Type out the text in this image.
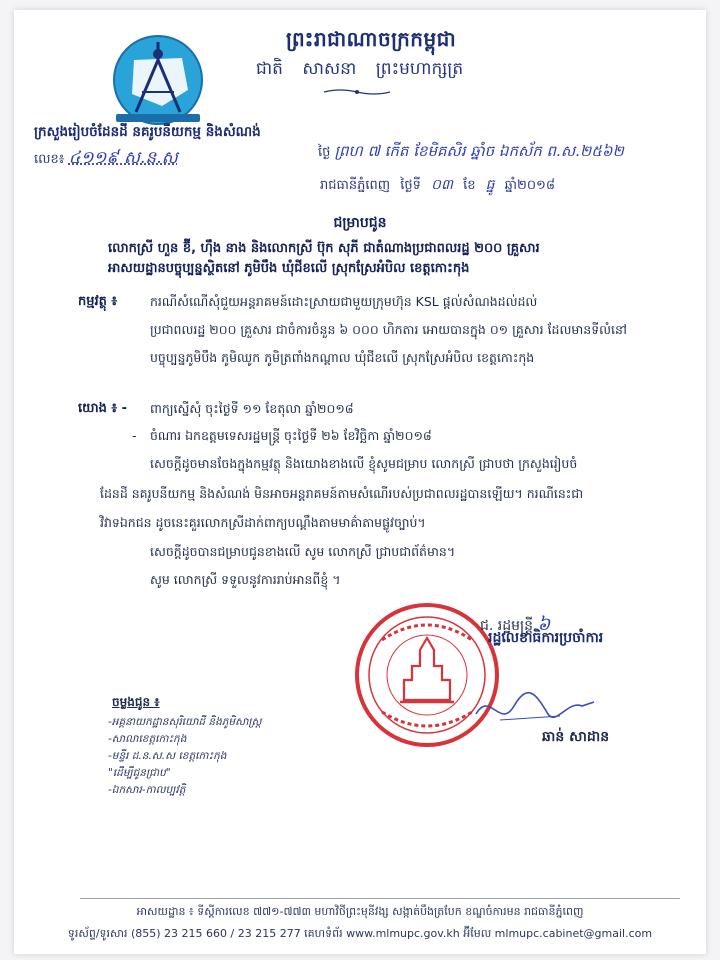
ព្រះរាជាណាចក្រកម្ពុជា
ជាតិ សាសនា ព្រះមហាក្សត្រ
ក្រសួងរៀបចំដែនដី នគរូបនីយកម្ម និងសំណង់
លេខ៖ ៤១១៩ ស.ន.ស	ថ្ងៃ ព្រហ ៧ កើត ខែមិគសិរ ឆ្នាំច ឯកស័ក ព.ស.២៥៦២
រាជធានីភ្នំពេញ ថ្ងៃទី ០៣ ខែ ធ្នូ ឆ្នាំ២០១៨
ជម្រាបជូន
លោកស្រី ហួន ខ៊ី, ហ៊ឹង នាង និងលោកស្រី ប៊ុក សុភី ជាតំណាងប្រជាពលរដ្ឋ ២០០ គ្រួសារ
អាសយដ្ឋានបច្ចុប្បន្នស្ថិតនៅ ភូមិបឹង ឃុំជីខលើ ស្រុកស្រែអំបិល ខេត្តកោះកុង
កម្មវត្ថុ ៖	ករណីសំណើសុំជួយអន្តរាគមន៍ដោះស្រាយជាមួយក្រុមហ៊ុន KSL ផ្តល់សំណងដល់ដល់
ប្រជាពលរដ្ឋ ២០០ គ្រួសារ ជាចំការចំនួន ៦ ០០០ ហិកតារ អោយបានក្នុង ០១ គ្រួសារ ដែលមានទីលំនៅ
បច្ចុប្បន្នភូមិបឹង ភូមិឈូក ភូមិត្រពាំងកណ្តាល ឃុំជីខលើ ស្រុកស្រែអំបិល ខេត្តកោះកុង
យោង ៖ - ពាក្យស្នើសុំ ចុះថ្ងៃទី ១១ ខែតុលា ឆ្នាំ២០១៨
- ចំណារ ឯកឧត្តមទេសរដ្ឋមន្ត្រី ចុះថ្ងៃទី ២៦ ខែវិច្ឆិកា ឆ្នាំ២០១៨
សេចក្តីដូចមានចែងក្នុងកម្មវត្ថុ និងយោងខាងលើ ខ្ញុំសូមជម្រាប លោកស្រី ជ្រាបថា ក្រសួងរៀបចំ
ដែនដី នគរូបនីយកម្ម និងសំណង់ មិនអាចអន្តរាគមន៍តាមសំណើរបស់ប្រជាពលរដ្ឋបានឡើយ។ ករណីនេះជា
វិវាទឯកជន ដូចនេះគួរលោកស្រីដាក់ពាក្យបណ្តឹងតាមមាគ៌ាតាមផ្លូវច្បាប់។
សេចក្តីដូចបានជម្រាបជូនខាងលើ សូម លោកស្រី ជ្រាបជាព័ត៌មាន។
សូម លោកស្រី ទទួលនូវការរាប់អានពីខ្ញុំ ។
ជ. រដ្ឋមន្ត្រី ៦
រដ្ឋលេខាធិការប្រចាំការ
ឆាន់ សាដាន
ចម្លងជូន ៖
-អគ្គនាយកដ្ឋានសុរិយោដី និងភូមិសាស្ត្រ
-សាលាខេត្តកោះកុង
-មន្ទីរ ដ.ន.ស.ស ខេត្តកោះកុង
"ដើម្បីជូនជ្រាប"
-ឯកសារ-កាលប្បវត្តិ
អាសយដ្ឋាន ៖ ទីស្តីការលេខ ៧៧១-៧៧៣ មហាវិថីព្រះមុនីវង្ស សង្កាត់បឹងត្របែក ខណ្ឌចំការមន រាជធានីភ្នំពេញ
ទូរស័ព្ទ/ទូរសារ (855) 23 215 660 / 23 215 277 គេហទំព័រ www.mlmupc.gov.kh អ៊ីមែល mlmupc.cabinet@gmail.com
